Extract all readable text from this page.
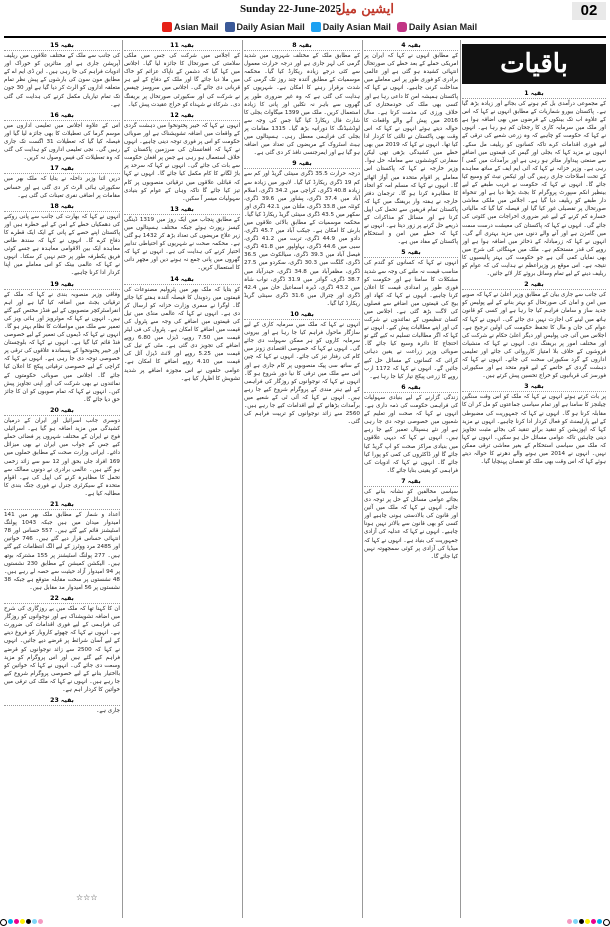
Sunday 22-June-2025
ایشین میل	02
Asian Mail Daily Asian Mail Daily Asian Mail Daily Asian Mail
باقیات
بقیہ 1

کے مجموعی درآمدی بل کم ہونے کی بجائے اور زیادہ بڑھ گیا ہے۔ پاکستان بیورو شماریات کے مطابق انہوں نے کہا کہ اس کے علاوہ اب تک بینکوں کے قرضوں میں بھی اضافہ ہوا ہے اور ملک میں سرمایہ کاری کا رجحان کم ہو رہا ہے۔ انہوں نے کہا کہ حکومت کو چاہیے کہ وہ زرعی شعبے کی ترقی کے لیے فوری اقدامات کرے تاکہ کسانوں کو ریلیف مل سکے۔ انہوں نے مزید کہا کہ بجلی اور گیس کی قیمتوں میں اضافے سے صنعتی پیداوار متاثر ہو رہی ہے اور برآمدات میں کمی آ رہی ہے۔ وزیر خزانہ نے کہا کہ آئی ایم ایف کے ساتھ معاہدے کے تحت اصلاحات جاری رہیں گی اور ٹیکس نیٹ کو وسیع کیا جائے گا۔ انہوں نے کہا کہ حکومت نے غریب طبقے کے لیے بینظیر انکم سپورٹ پروگرام کا بجٹ بڑھا دیا ہے اور تنخواہ دار طبقے کو ریلیف دیا گیا ہے۔ اجلاس میں ملکی معاشی صورتحال پر تفصیلی غور کیا گیا اور فیصلہ کیا گیا کہ مالیاتی خسارہ کم کرنے کے لیے غیر ضروری اخراجات میں کٹوتی کی جائے گی۔ انہوں نے کہا کہ پاکستان کی معیشت درست سمت میں گامزن ہے اور آنے والے دنوں میں مزید بہتری آئے گی۔ انہوں نے کہا کہ زرمبادلہ کے ذخائر میں اضافہ ہوا ہے اور روپے کی قدر مستحکم ہے۔ ملک میں مہنگائی کی شرح میں بھی نمایاں کمی آئی ہے جو حکومت کی بہتر پالیسیوں کا نتیجہ ہے۔ اس موقع پر وزیراعظم نے ہدایت کی کہ عوام کو ریلیف دینے کے لیے تمام وسائل بروئے کار لائے جائیں۔

بقیہ 2

کی جانب سے جاری بیان کے مطابق وزیر اعلیٰ نے کہا کہ صوبے میں امن و امان کی صورتحال کو بہتر بنانے کے لیے پولیس کو جدید ساز و سامان فراہم کیا جا رہا ہے اور کسی کو قانون ہاتھ میں لینے کی اجازت نہیں دی جائے گی۔ انہوں نے کہا کہ عوام کی جان و مال کا تحفظ حکومت کی اولین ترجیح ہے۔ اجلاس میں آئی جی پولیس اور دیگر اعلیٰ حکام نے شرکت کی اور مختلف امور پر بریفنگ دی۔ انہوں نے کہا کہ منشیات فروشوں کے خلاف بلا امتیاز کارروائی کی جائے اور تعلیمی اداروں کے گرد سکیورٹی سخت کی جائے۔ انہوں نے کہا کہ دہشت گردی کے خاتمے کے لیے قوم متحد ہے اور سکیورٹی فورسز کی قربانیوں کو خراج تحسین پیش کرتے ہیں۔

بقیہ 3

پر بات کرتے ہوئے انہوں نے کہا کہ ملک کو اس وقت سنگین چیلنجز کا سامنا ہے اور تمام سیاسی جماعتوں کو مل کر ان کا مقابلہ کرنا ہو گا۔ انہوں نے کہا کہ جمہوریت کی مضبوطی کے لیے پارلیمنٹ کو فعال کردار ادا کرنا چاہیے۔ انہوں نے مزید کہا کہ اپوزیشن کو تنقید برائے تنقید کی بجائے مثبت تجاویز دینی چاہئیں تاکہ عوامی مسائل حل ہو سکیں۔ انہوں نے کہا کہ ملک میں سیاسی استحکام کے بغیر معاشی ترقی ممکن نہیں۔ انہوں نے 2014 میں ہونے والے دھرنے کا حوالہ دیتے ہوئے کہا کہ اس وقت بھی ملک کو نقصان پہنچایا گیا۔

بقیہ 4

کے مطابق انہوں نے کہا کہ ایران پر امریکی حملے کے بعد خطے کی صورتحال انتہائی کشیدہ ہو گئی ہے اور عالمی برادری کو فوری طور پر اس معاملے میں مداخلت کرنی چاہیے۔ انہوں نے کہا کہ پاکستان ہمیشہ امن کا داعی رہا ہے اور کسی بھی ملک کی خودمختاری کی خلاف ورزی کی مذمت کرتا ہے۔ سال 2016 میں پیش آنے والے واقعات کا حوالہ دیتے ہوئے انہوں نے کہا کہ اس وقت بھی پاکستان نے ثالثی کا کردار ادا کیا تھا۔ انہوں نے کہا کہ 2019 میں بھی خطے میں کشیدگی بڑھی تھی لیکن سفارتی کوششوں سے معاملہ حل ہوا۔ وزیر خارجہ نے کہا کہ پاکستان اس معاملے پر اقوام متحدہ میں آواز اٹھائے گا۔ انہوں نے کہا کہ مسلم امہ کو اتحاد کا مظاہرہ کرنا ہو گا۔ ترجمان دفتر خارجہ نے ہفتہ وار بریفنگ میں کہا کہ پاکستان تمام فریقین سے تحمل کی اپیل کرتا ہے اور مسائل کو مذاکرات کے ذریعے حل کرنے پر زور دیتا ہے۔ انہوں نے کہا کہ خطے میں امن و استحکام پاکستان کے مفاد میں ہے۔

بقیہ 5

انہوں نے کہا کہ کسانوں کو گندم کی مناسب قیمت نہ ملنے کی وجہ سے شدید مشکلات کا سامنا ہے اور حکومت کو فوری طور پر امدادی قیمت کا اعلان کرنا چاہیے۔ انہوں نے کہا کہ کھاد اور بیج کی قیمتوں میں اضافے سے فصلوں کی لاگت بڑھ گئی ہے۔ اجلاس میں کسان تنظیموں کے نمائندوں نے شرکت کی اور اپنے مطالبات پیش کیے۔ انہوں نے کہا کہ اگر مطالبات تسلیم نہ کیے گئے تو احتجاج کا دائرہ وسیع کیا جائے گا۔ صوبائی وزیر زراعت نے یقین دہانی کرائی کہ کسانوں کے مسائل حل کیے جائیں گے۔ انہوں نے کہا کہ 1172 ارب روپے کا زرعی پیکج تیار کیا جا رہا ہے۔

بقیہ 6

زندگی گزارنے کے لیے بنیادی سہولیات کی فراہمی حکومت کی ذمہ داری ہے۔ انہوں نے کہا کہ صحت اور تعلیم کے شعبوں میں خصوصی توجہ دی جا رہی ہے اور نئے ہسپتال تعمیر کیے جا رہے ہیں۔ انہوں نے کہا کہ دیہی علاقوں میں بنیادی مراکز صحت کو اپ گریڈ کیا جائے گا اور ڈاکٹروں کی کمی کو پورا کیا جائے گا۔ انہوں نے کہا کہ ادویات کی فراہمی کو یقینی بنایا جائے گا۔

بقیہ 7

سیاسی مخالفین کو نشانہ بنانے کی بجائے عوامی مسائل کے حل پر توجہ دی جائے۔ انہوں نے کہا کہ ملک میں آئین اور قانون کی بالادستی ہونی چاہیے اور کسی کو بھی قانون سے بالاتر نہیں ہونا چاہیے۔ انہوں نے کہا کہ عدلیہ کی آزادی جمہوریت کی بنیاد ہے۔ انہوں نے کہا کہ میڈیا کی آزادی پر کوئی سمجھوتہ نہیں کیا جائے گا۔

بقیہ 8

کے مطابق ملک کے مختلف شہروں میں شدید گرمی کی لہر جاری ہے اور درجہ حرارت معمول سے کئی درجے زیادہ ریکارڈ کیا گیا۔ محکمہ موسمیات کے مطابق آئندہ چند روز تک گرمی کی شدت برقرار رہنے کا امکان ہے۔ شہریوں کو ہدایت کی گئی ہے کہ وہ غیر ضروری طور پر گھروں سے باہر نہ نکلیں اور پانی کا زیادہ استعمال کریں۔ ملک میں 1399 میگاواٹ بجلی کا شارٹ فال ریکارڈ کیا گیا جس کی وجہ سے لوڈشیڈنگ کا دورانیہ بڑھ گیا۔ 1315 مقامات پر بجلی کی فراہمی معطل رہی۔ ہسپتالوں میں ہیٹ اسٹروک کے مریضوں کی تعداد میں اضافہ ہو گیا ہے اور ایمرجنسی نافذ کر دی گئی ہے۔

بقیہ 9

درجہ حرارت 35.5 ڈگری سینٹی گریڈ اور کم سے کم 19 ڈگری ریکارڈ کیا گیا۔ لاہور میں زیادہ سے زیادہ 40.8 ڈگری، کراچی میں 34.2 ڈگری، اسلام آباد میں 37.4 ڈگری، پشاور میں 39.6 ڈگری، کوئٹہ میں 33.8 ڈگری، ملتان میں 42.1 ڈگری اور سکھر میں 43.5 ڈگری سینٹی گریڈ ریکارڈ کیا گیا۔ محکمہ موسمیات کے مطابق بالائی علاقوں میں بارش کا امکان ہے۔ جیکب آباد میں 45.7 ڈگری، دادو میں 44.9 ڈگری، تربت میں 41.2 ڈگری، سبی میں 44.6 ڈگری، بہاولپور میں 41.8 ڈگری، فیصل آباد میں 39.3 ڈگری، سیالکوٹ میں 36.5 ڈگری، گلگت میں 30.3 ڈگری، سکردو میں 27.5 ڈگری، مظفرآباد میں 34.8 ڈگری، حیدرآباد میں 38.7 ڈگری، گوادر میں 31.9 ڈگری، نواب شاہ میں 43.2 ڈگری، ڈیرہ اسماعیل خان میں 42.4 ڈگری اور چترال میں 31.6 ڈگری سینٹی گریڈ ریکارڈ کیا گیا۔

بقیہ 10

انہوں نے کہا کہ ملک میں سرمایہ کاری کے لیے سازگار ماحول فراہم کیا جا رہا ہے اور بیرونی سرمایہ کاروں کو ہر ممکن سہولت دی جائے گی۔ انہوں نے کہا کہ خصوصی اقتصادی زونز میں کام کی رفتار تیز کی جائے۔ انہوں نے کہا کہ چین کے ساتھ سی پیک منصوبوں پر کام جاری ہے اور اس سے ملک میں ترقی کا نیا دور شروع ہو گا۔ انہوں نے کہا کہ نوجوانوں کو روزگار کی فراہمی کے لیے ہنر مندی کے پروگرام شروع کیے جا رہے ہیں۔ انہوں نے کہا کہ آئی ٹی کے شعبے میں برآمدات بڑھانے کے لیے اقدامات کیے جا رہے ہیں۔ 2560 سے زائد نوجوانوں کو تربیت فراہم کی گئی۔

بقیہ 11

کے اجلاس میں شرکت کی جس میں ملکی سلامتی کی صورتحال کا جائزہ لیا گیا۔ اجلاس میں کہا گیا کہ دشمن کے ناپاک عزائم کو خاک میں ملا دیا جائے گا اور ملک کے دفاع کے لیے ہر قربانی دی جائے گی۔ اجلاس میں سروسز چیفس نے شرکت کی اور سکیورٹی صورتحال پر بریفنگ دی۔ شرکاء نے شہداء کو خراج عقیدت پیش کیا۔

بقیہ 12

انہوں نے کہا کہ خیبر پختونخوا میں دہشت گردی کے واقعات میں اضافہ تشویشناک ہے اور صوبائی حکومت کو اس پر فوری توجہ دینی چاہیے۔ انہوں نے کہا کہ افغانستان کی سرزمین پاکستان کے خلاف استعمال ہو رہی ہے جس پر افغان حکومت سے بات کی جائے گی۔ انہوں نے کہا کہ سرحد پر باڑ لگانے کا کام مکمل کیا جائے گا۔ انہوں نے کہا کہ قبائلی علاقوں میں ترقیاتی منصوبوں پر کام تیز کیا جائے گا تاکہ وہاں کے عوام کو بنیادی سہولیات میسر آ سکیں۔

بقیہ 13

کے مطابق پنجاب میں ایک روز میں 1319 ڈینگی کیسز رپورٹ ہوئے جبکہ مختلف ہسپتالوں میں زیر علاج مریضوں کی تعداد بڑھ کر 1432 ہو گئی ہے۔ محکمہ صحت نے شہریوں کو احتیاطی تدابیر اختیار کرنے کی ہدایت کی ہے۔ انہوں نے کہا کہ گھروں میں پانی جمع نہ ہونے دیں اور مچھر دانی کا استعمال کریں۔

بقیہ 14

کو بتایا کہ ملک بھر میں پٹرولیم مصنوعات کی قیمتوں میں ردوبدل کا فیصلہ آئندہ ہفتے کیا جائے گا۔ اوگرا نے سمری وزارت خزانہ کو ارسال کر دی ہے۔ انہوں نے کہا کہ عالمی منڈی میں تیل کی قیمتوں میں اضافے کی وجہ سے پٹرول کی قیمت میں اضافے کا امکان ہے۔ پٹرول کی فی لیٹر قیمت میں 7.50 روپے، ڈیزل میں 6.80 روپے اضافے کی تجویز دی گئی ہے۔ مٹی کے تیل کی قیمت میں 5.25 روپے اور لائٹ ڈیزل آئل کی قیمت میں 4.10 روپے اضافے کا امکان ہے۔ عوامی حلقوں نے اس مجوزہ اضافے پر شدید تشویش کا اظہار کیا ہے۔

بقیہ 15

کی جانب سے ملک کے مختلف علاقوں میں ریلیف آپریشن جاری ہے اور متاثرین کو خوراک اور ادویات فراہم کی جا رہی ہیں۔ این ڈی ایم اے کے مطابق مون سون کی بارشوں کے پیش نظر تمام متعلقہ اداروں کو الرٹ کر دیا گیا ہے اور 30 جون تک تمام تیاریاں مکمل کرنے کی ہدایت کی گئی ہے۔

بقیہ 16

اس کے علاوہ اجلاس میں تعلیمی اداروں میں موسم گرما کی تعطیلات کا بھی جائزہ لیا گیا اور فیصلہ کیا گیا کہ تعطیلات 31 اگست تک جاری رہیں گی۔ نجی تعلیمی اداروں کو ہدایت کی گئی کہ وہ تعطیلات کی فیس وصول نہ کریں۔

بقیہ 17

دریں اثنا وزیر داخلہ نے بتایا کہ ملک بھر میں سکیورٹی ہائی الرٹ کر دی گئی ہے اور حساس مقامات پر اضافی نفری تعینات کی گئی ہے۔

بقیہ 18

انہوں نے کہا کہ بھارت کی جانب سے پانی روکنے کی دھمکیاں خطے کے امن کے لیے خطرہ ہیں اور پاکستان اپنے حصے کے پانی کے ایک ایک قطرے کا دفاع کرے گا۔ انہوں نے کہا کہ سندھ طاس معاہدہ ایک بین الاقوامی معاہدہ ہے جسے کوئی فریق یکطرفہ طور پر ختم نہیں کر سکتا۔ انہوں نے کہا کہ عالمی بینک کو اس معاملے میں اپنا کردار ادا کرنا چاہیے۔

بقیہ 19

وفاقی وزیر منصوبہ بندی نے کہا کہ ملک کے ترقیاتی بجٹ میں اضافہ کیا گیا ہے اور اہم انفراسٹرکچر منصوبوں کے لیے فنڈز مختص کیے گئے ہیں۔ انہوں نے کہا کہ موٹرویز اور ہائی ویز کی تعمیر سے ملک میں مواصلات کا نظام بہتر ہو گا۔ انہوں نے کہا کہ ڈیموں کی تعمیر کے لیے خصوصی فنڈ قائم کیا گیا ہے۔ انہوں نے کہا کہ بلوچستان اور خیبر پختونخوا کے پسماندہ علاقوں کی ترقی پر خصوصی توجہ دی جا رہی ہے۔ انہوں نے کہا کہ کراچی کے لیے خصوصی ترقیاتی پیکج کا اعلان کیا جائے گا۔ اجلاس میں صوبائی حکومتوں کے نمائندوں نے بھی شرکت کی اور اپنی تجاویز پیش کیں۔ انہوں نے کہا کہ تمام صوبوں کو ان کا جائز حق دیا جائے گا۔

بقیہ 20

دوسری جانب اسرائیل اور ایران کے درمیان کشیدگی میں مزید اضافہ ہو گیا ہے۔ اسرائیلی فوج نے ایران کے مختلف شہروں پر فضائی حملے کیے جس کے جواب میں ایران نے بھی میزائل داغے۔ ایرانی وزارت صحت کے مطابق حملوں میں 169 افراد جاں بحق اور 12 سو سے زائد زخمی ہو گئے ہیں۔ عالمی برادری نے دونوں ممالک سے تحمل کا مظاہرہ کرنے کی اپیل کی ہے۔ اقوام متحدہ کے سیکرٹری جنرل نے فوری جنگ بندی کا مطالبہ کیا ہے۔

بقیہ 21

اعداد و شمار کے مطابق ملک بھر میں 141 امیدوار میدان میں ہیں جبکہ 1043 پولنگ اسٹیشنز قائم کیے گئے ہیں۔ 557 حساس اور 78 انتہائی حساس قرار دیے گئے ہیں۔ 746 خواتین اور 2485 مرد ووٹرز کے لیے الگ انتظامات کیے گئے ہیں۔ 277 پولنگ اسٹیشنز پر 155 مشترکہ بوتھ ہیں۔ الیکشن کمیشن کے مطابق 230 نشستوں پر 94 امیدوار آزاد حیثیت سے حصہ لے رہے ہیں۔ 48 نشستوں پر سخت مقابلہ متوقع ہے جبکہ 38 نشستوں پر 56 امیدوار مد مقابل ہیں۔

بقیہ 22

ان کا کہنا تھا کہ ملک میں بے روزگاری کی شرح میں اضافہ تشویشناک ہے اور نوجوانوں کو روزگار کی فراہمی کے لیے فوری اقدامات کی ضرورت ہے۔ انہوں نے کہا کہ چھوٹے کاروبار کو فروغ دینے کے لیے آسان شرائط پر قرضے دیے جائیں۔ انہوں نے کہا کہ 2500 سے زائد نوجوانوں کو قرضے فراہم کیے گئے ہیں اور اس پروگرام کو مزید وسعت دی جائے گی۔ انہوں نے کہا کہ خواتین کو بااختیار بنانے کے لیے خصوصی پروگرام شروع کیے جا رہے ہیں۔ انہوں نے کہا کہ ملک کی ترقی میں خواتین کا کردار اہم ہے۔

بقیہ 23

جاری ہے۔

☆☆☆
